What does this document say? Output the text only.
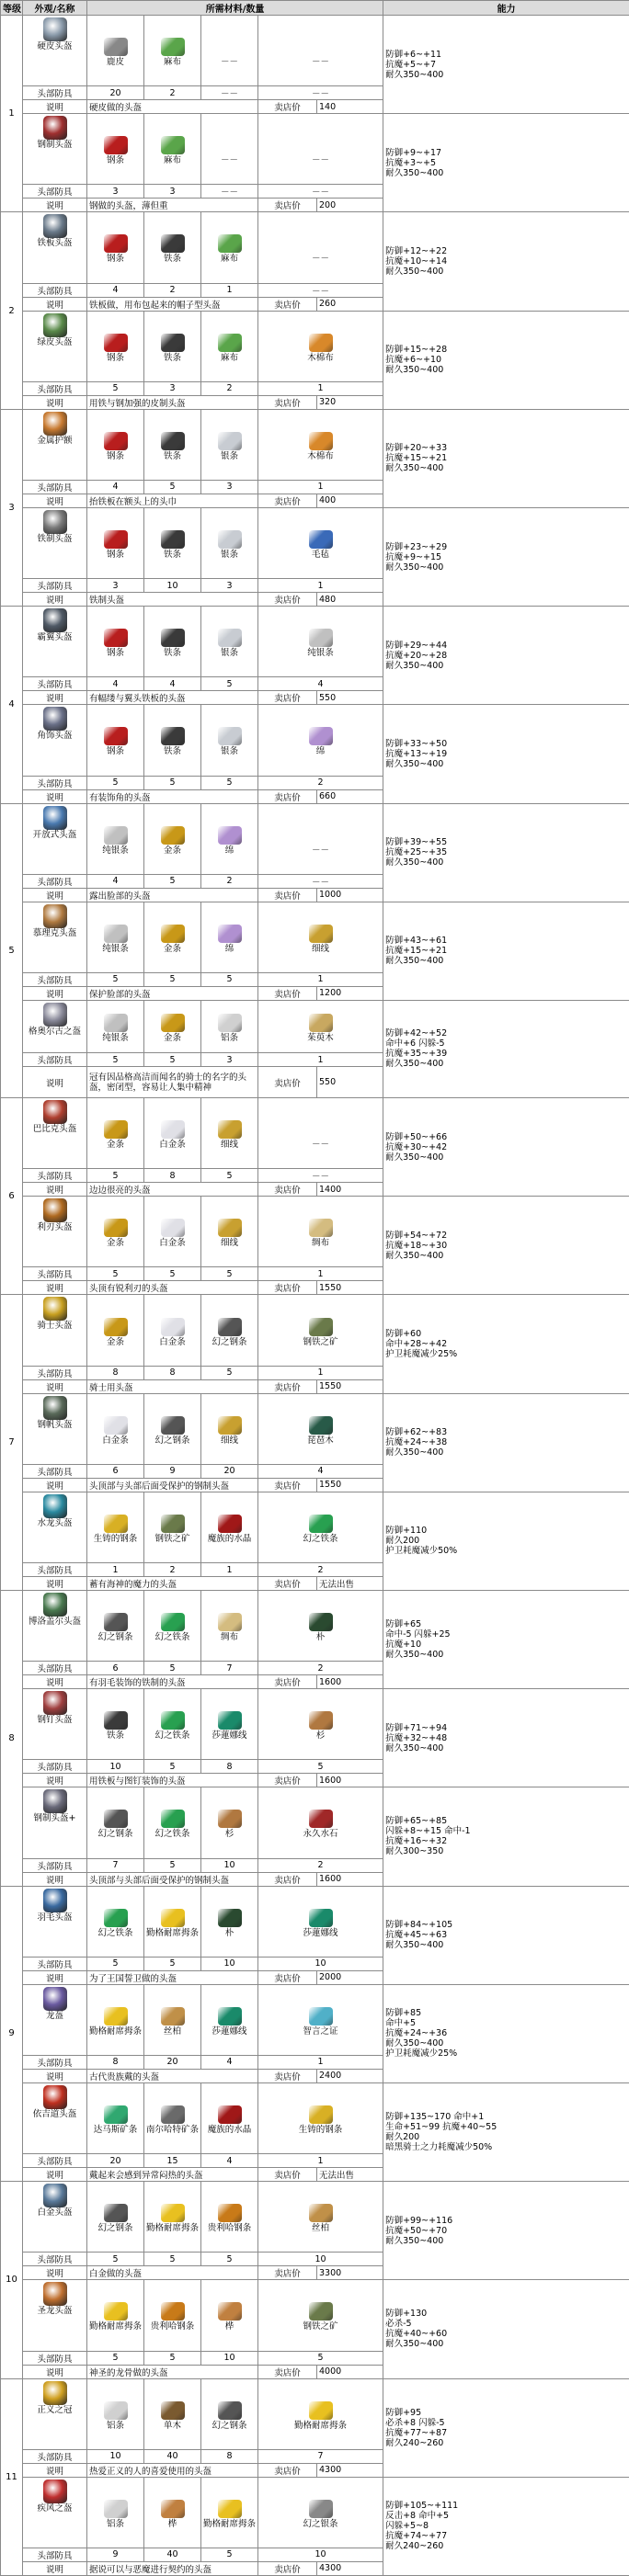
等级	外观/名称	所需材料/数量					能力
1	硬皮头盔	鹿皮	麻布	－－	－－		防御+6~+11
抗魔+5~+7
耐久350~400

	头部防具	20	2	－－	－－		
	说明	硬皮做的头盔			卖店价	140	

	钢制头盔	钢条	麻布	－－	－－		防御+9~+17
抗魔+3~+5
耐久350~400

	头部防具	3	3	－－	－－		
	说明	钢做的头盔，薄但重			卖店价	200	
2	铁板头盔	钢条	铁条	麻布	－－		防御+12~+22
抗魔+10~+14
耐久350~400

	头部防具	4	2	1	－－		
	说明	铁板做，用布包起来的帽子型头盔			卖店价	260	

	绿皮头盔	钢条	铁条	麻布	木棉布		防御+15~+28
抗魔+6~+10
耐久350~400

	头部防具	5	3	2	1		
	说明	用铁与钢加强的皮制头盔			卖店价	320	
3	金属护额	钢条	铁条	银条	木棉布		防御+20~+33
抗魔+15~+21
耐久350~400

	头部防具	4	5	3	1		
	说明	抬铁板在额头上的头巾			卖店价	400	

	铁制头盔	钢条	铁条	银条	毛毡		防御+23~+29
抗魔+9~+15
耐久350~400

	头部防具	3	10	3	1		
	说明	铁制头盔			卖店价	480	
4	霸翼头盔	钢条	铁条	银条	纯银条		防御+29~+44
抗魔+20~+28
耐久350~400

	头部防具	4	4	5	4		
	说明	有幅缕与翼头铁板的头盔			卖店价	550	

	角饰头盔	钢条	铁条	银条	绵		防御+33~+50
抗魔+13~+19
耐久350~400

	头部防具	5	5	5	2		
	说明	有装饰角的头盔			卖店价	660	
5	开放式头盔	纯银条	金条	绵	－－		防御+39~+55
抗魔+25~+35
耐久350~400

	头部防具	4	5	2	－－		
	说明	露出脸部的头盔			卖店价	1000	

	慕理克头盔	纯银条	金条	绵	细线		防御+43~+61
抗魔+15~+21
耐久350~400

	头部防具	5	5	5	1		
	说明	保护脸部的头盔			卖店价	1200	

	格奥尔古之盔	纯银条	金条	铝条	茱萸木		防御+42~+52
命中+6 闪躲-5
抗魔+35~+39
耐久350~400

	头部防具	5	5	3	1		
	说明	冠有因品格高洁而闻名的骑士的名字的头盔，密闭型，容易让人集中精神			卖店价	550	
6	巴比克头盔	金条	白金条	细线	－－		防御+50~+66
抗魔+30~+42
耐久350~400

	头部防具	5	8	5	－－		
	说明	边边很亮的头盔			卖店价	1400	

	利刃头盔	金条	白金条	细线	绸布		防御+54~+72
抗魔+18~+30
耐久350~400

	头部防具	5	5	5	1		
	说明	头顶有锐利刃的头盔			卖店价	1550	
7	骑士头盔	金条	白金条	幻之钢条	钢铁之矿		防御+60
命中+28~+42
护卫耗魔减少25%

	头部防具	8	8	5	1		
	说明	骑士用头盔			卖店价	1550	

	钢帆头盔	白金条	幻之钢条	细线	琵琶木		防御+62~+83
抗魔+24~+38
耐久350~400

	头部防具	6	9	20	4		
	说明	头顶部与头部后面受保护的钢制头盔			卖店价	1550	

	水龙头盔	生铸的钢条	钢铁之矿	魔族的水晶	幻之铁条		防御+110
耐久200
护卫耗魔减少50%

	头部防具	1	2	1	2		
	说明	蓄有海神的魔力的头盔			卖店价	无法出售	
8	博洛盖尔头盔	幻之钢条	幻之铁条	绸布	朴		防御+65
命中-5 闪躲+25
抗魔+10
耐久350~400

	头部防具	6	5	7	2		
	说明	有羽毛装饰的铁制的头盔			卖店价	1600	

	钢钉头盔	铁条	幻之铁条	莎蓮娜线	杉		防御+71~+94
抗魔+32~+48
耐久350~400

	头部防具	10	5	8	5		
	说明	用铁板与图钉装饰的头盔			卖店价	1600	

	钢制头盔+	幻之钢条	幻之铁条	杉	永久水石		防御+65~+85
闪躲+8~+15 命中-1
抗魔+16~+32
耐久300~350

	头部防具	7	5	10	2		
	说明	头顶部与头部后面受保护的钢制头盔			卖店价	1600	
9	羽毛头盔	幻之铁条	勤格耐席拇条	朴	莎蓮娜线		防御+84~+105
抗魔+45~+63
耐久350~400

	头部防具	5	5	10	10		
	说明	为了王国誓卫做的头盔			卖店价	2000	

	龙盔	勤格耐席拇条	丝柏	莎蓮娜线	智言之证		防御+85
命中+5
抗魔+24~+36
耐久350~400
护卫耗魔减少25%

	头部防具	8	20	4	1		
	说明	古代贵族戴的头盔			卖店价	2400	

	依吉道头盔	达马斯矿条	南尔哈特矿条	魔族的水晶	生铸的钢条		防御+135~170 命中+1
生命+51~99 抗魔+40~55
耐久200
暗黑骑士之力耗魔减少50%

	头部防具	20	15	4	1		
	说明	戴起来会感到异常闷热的头盔			卖店价	无法出售	
10	白金头盔	幻之钢条	勤格耐席拇条	贵利哈钢条	丝柏		防御+99~+116
抗魔+50~+70
耐久350~400

	头部防具	5	5	5	10		
	说明	白金做的头盔			卖店价	3300	

	圣龙头盔	勤格耐席拇条	贵利哈钢条	桦	钢铁之矿		防御+130
必杀-5
抗魔+40~+60
耐久350~400

	头部防具	5	5	10	5		
	说明	神圣的龙骨做的头盔			卖店价	4000	
11	正义之冠	铝条	单木	幻之钢条	勤格耐席拇条		防御+95
必杀+8 闪躲-5
抗魔+77~+87
耐久240~260

	头部防具	10	40	8	7		
	说明	热爱正义的人的喜爱使用的头盔			卖店价	4300	

	疾风之盔	铝条	桦	勤格耐席拇条	幻之银条		防御+105~+111
反击+8 命中+5
闪躲+5~8
抗魔+74~+77
耐久240~260

	头部防具	9	40	5	10		
	说明	据说可以与恶魔进行契约的头盔			卖店价	4300	
